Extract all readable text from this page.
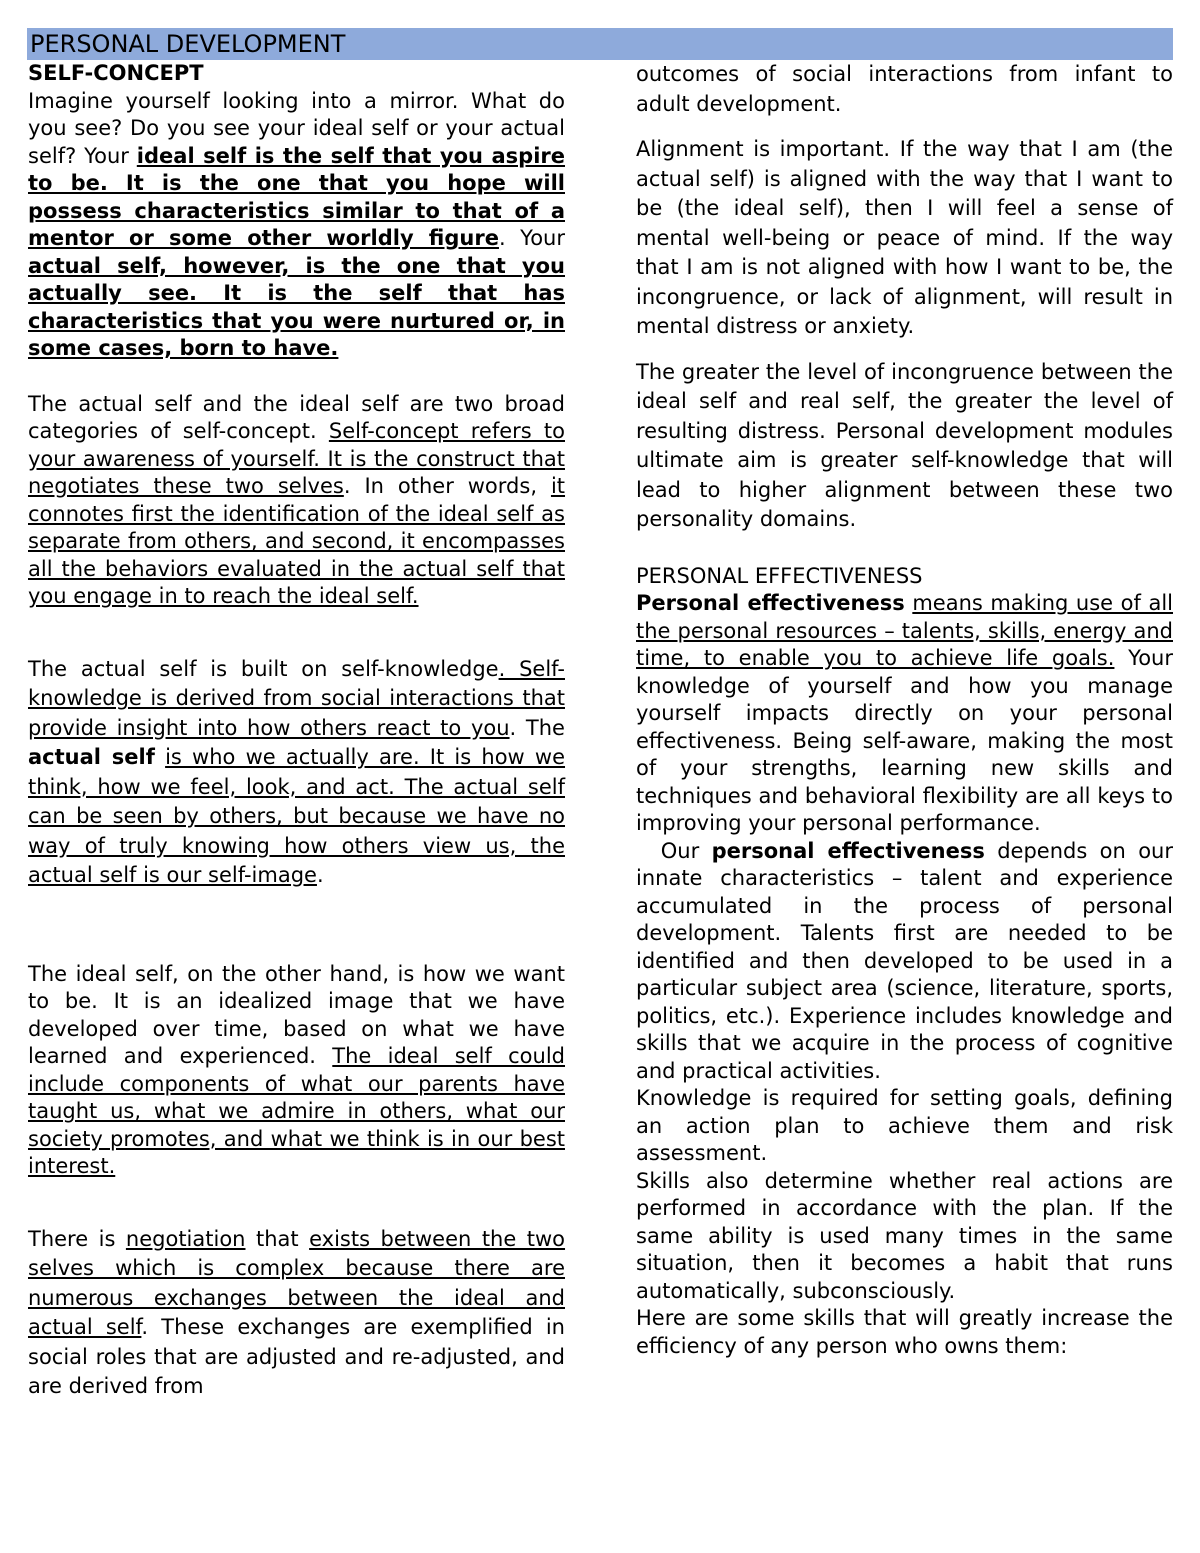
PERSONAL DEVELOPMENT

SELF-CONCEPT

Imagine yourself looking into a mirror. What do you see? Do you see your ideal self or your actual self? Your ideal self is the self that you aspire to be. It is the one that you hope will possess characteristics similar to that of a mentor or some other worldly figure. Your actual self, however, is the one that you actually see. It is the self that has characteristics that you were nurtured or, in some cases, born to have.

The actual self and the ideal self are two broad categories of self-concept. Self-concept refers to your awareness of yourself. It is the construct that negotiates these two selves. In other words, it connotes first the identification of the ideal self as separate from others, and second, it encompasses all the behaviors evaluated in the actual self that you engage in to reach the ideal self.

The actual self is built on self-knowledge. Self-knowledge is derived from social interactions that provide insight into how others react to you. The actual self is who we actually are. It is how we think, how we feel, look, and act. The actual self can be seen by others, but because we have no way of truly knowing how others view us, the actual self is our self-image.

The ideal self, on the other hand, is how we want to be. It is an idealized image that we have developed over time, based on what we have learned and experienced. The ideal self could include components of what our parents have taught us, what we admire in others, what our society promotes, and what we think is in our best interest.

There is negotiation that exists between the two selves which is complex because there are numerous exchanges between the ideal and actual self. These exchanges are exemplified in social roles that are adjusted and re-adjusted, and are derived from

outcomes of social interactions from infant to adult development.

Alignment is important. If the way that I am (the actual self) is aligned with the way that I want to be (the ideal self), then I will feel a sense of mental well-being or peace of mind. If the way that I am is not aligned with how I want to be, the incongruence, or lack of alignment, will result in mental distress or anxiety.

The greater the level of incongruence between the ideal self and real self, the greater the level of resulting distress. Personal development modules ultimate aim is greater self-knowledge that will lead to higher alignment between these two personality domains.

PERSONAL EFFECTIVENESS

Personal effectiveness means making use of all the personal resources – talents, skills, energy and time, to enable you to achieve life goals. Your knowledge of yourself and how you manage yourself impacts directly on your personal effectiveness. Being self-aware, making the most of your strengths, learning new skills and techniques and behavioral flexibility are all keys to improving your personal performance.

Our personal effectiveness depends on our innate characteristics – talent and experience accumulated in the process of personal development. Talents first are needed to be identified and then developed to be used in a particular subject area (science, literature, sports, politics, etc.). Experience includes knowledge and skills that we acquire in the process of cognitive and practical activities.

Knowledge is required for setting goals, defining an action plan to achieve them and risk assessment.

Skills also determine whether real actions are performed in accordance with the plan. If the same ability is used many times in the same situation, then it becomes a habit that runs automatically, subconsciously.

Here are some skills that will greatly increase the efficiency of any person who owns them:
